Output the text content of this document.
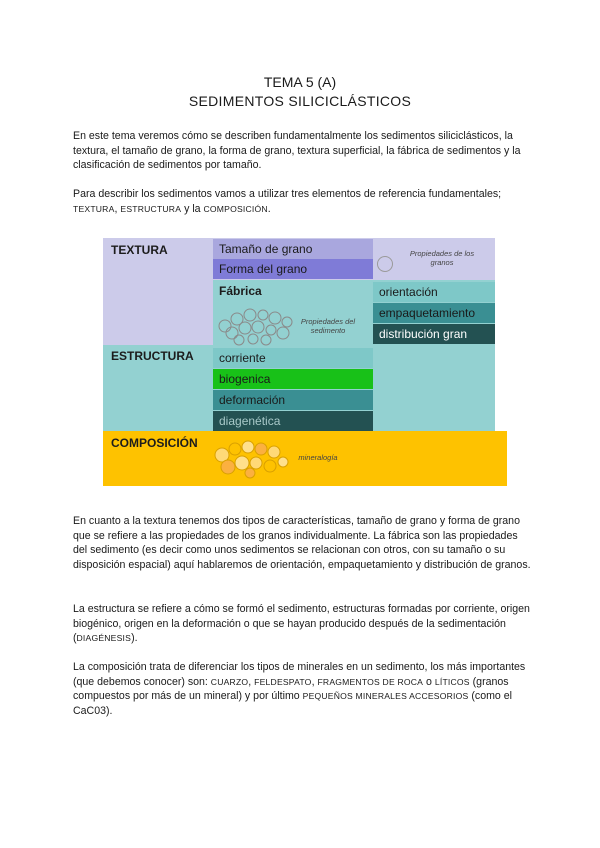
TEMA 5 (A)
SEDIMENTOS SILICICLÁSTICOS
En este tema veremos cómo se describen fundamentalmente los sedimentos siliciclásticos, la textura, el tamaño de grano, la forma de grano, textura superficial, la fábrica de sedimentos y la clasificación de sedimentos por tamaño.
Para describir los sedimentos vamos a utilizar tres elementos de referencia fundamentales;
TEXTURA, ESTRUCTURA y la COMPOSICIÓN.
TEXTURA
ESTRUCTURA
COMPOSICIÓN
Tamaño de grano
Forma del grano
Propiedades de los granos
Fábrica
Propiedades del sedimento
orientación
empaquetamiento
distribución gran
corriente
biogenica
deformación
diagenética
mineralogía
En cuanto a la textura tenemos dos tipos de características, tamaño de grano y forma de grano que se refiere a las propiedades de los granos individualmente. La fábrica son las propiedades del sedimento (es decir como unos sedimentos se relacionan con otros, con su tamaño o su disposición espacial) aquí hablaremos de orientación, empaquetamiento y distribución de granos.
La estructura se refiere a cómo se formó el sedimento, estructuras formadas por corriente, origen biogénico, origen en la deformación o que se hayan producido después de la sedimentación (DIAGÉNESIS).
La composición trata de diferenciar los tipos de minerales en un sedimento, los más importantes (que debemos conocer) son: CUARZO, FELDESPATO, FRAGMENTOS DE ROCA o LÍTICOS (granos compuestos por más de un mineral) y por último PEQUEÑOS MINERALES ACCESORIOS (como el CaC03).
